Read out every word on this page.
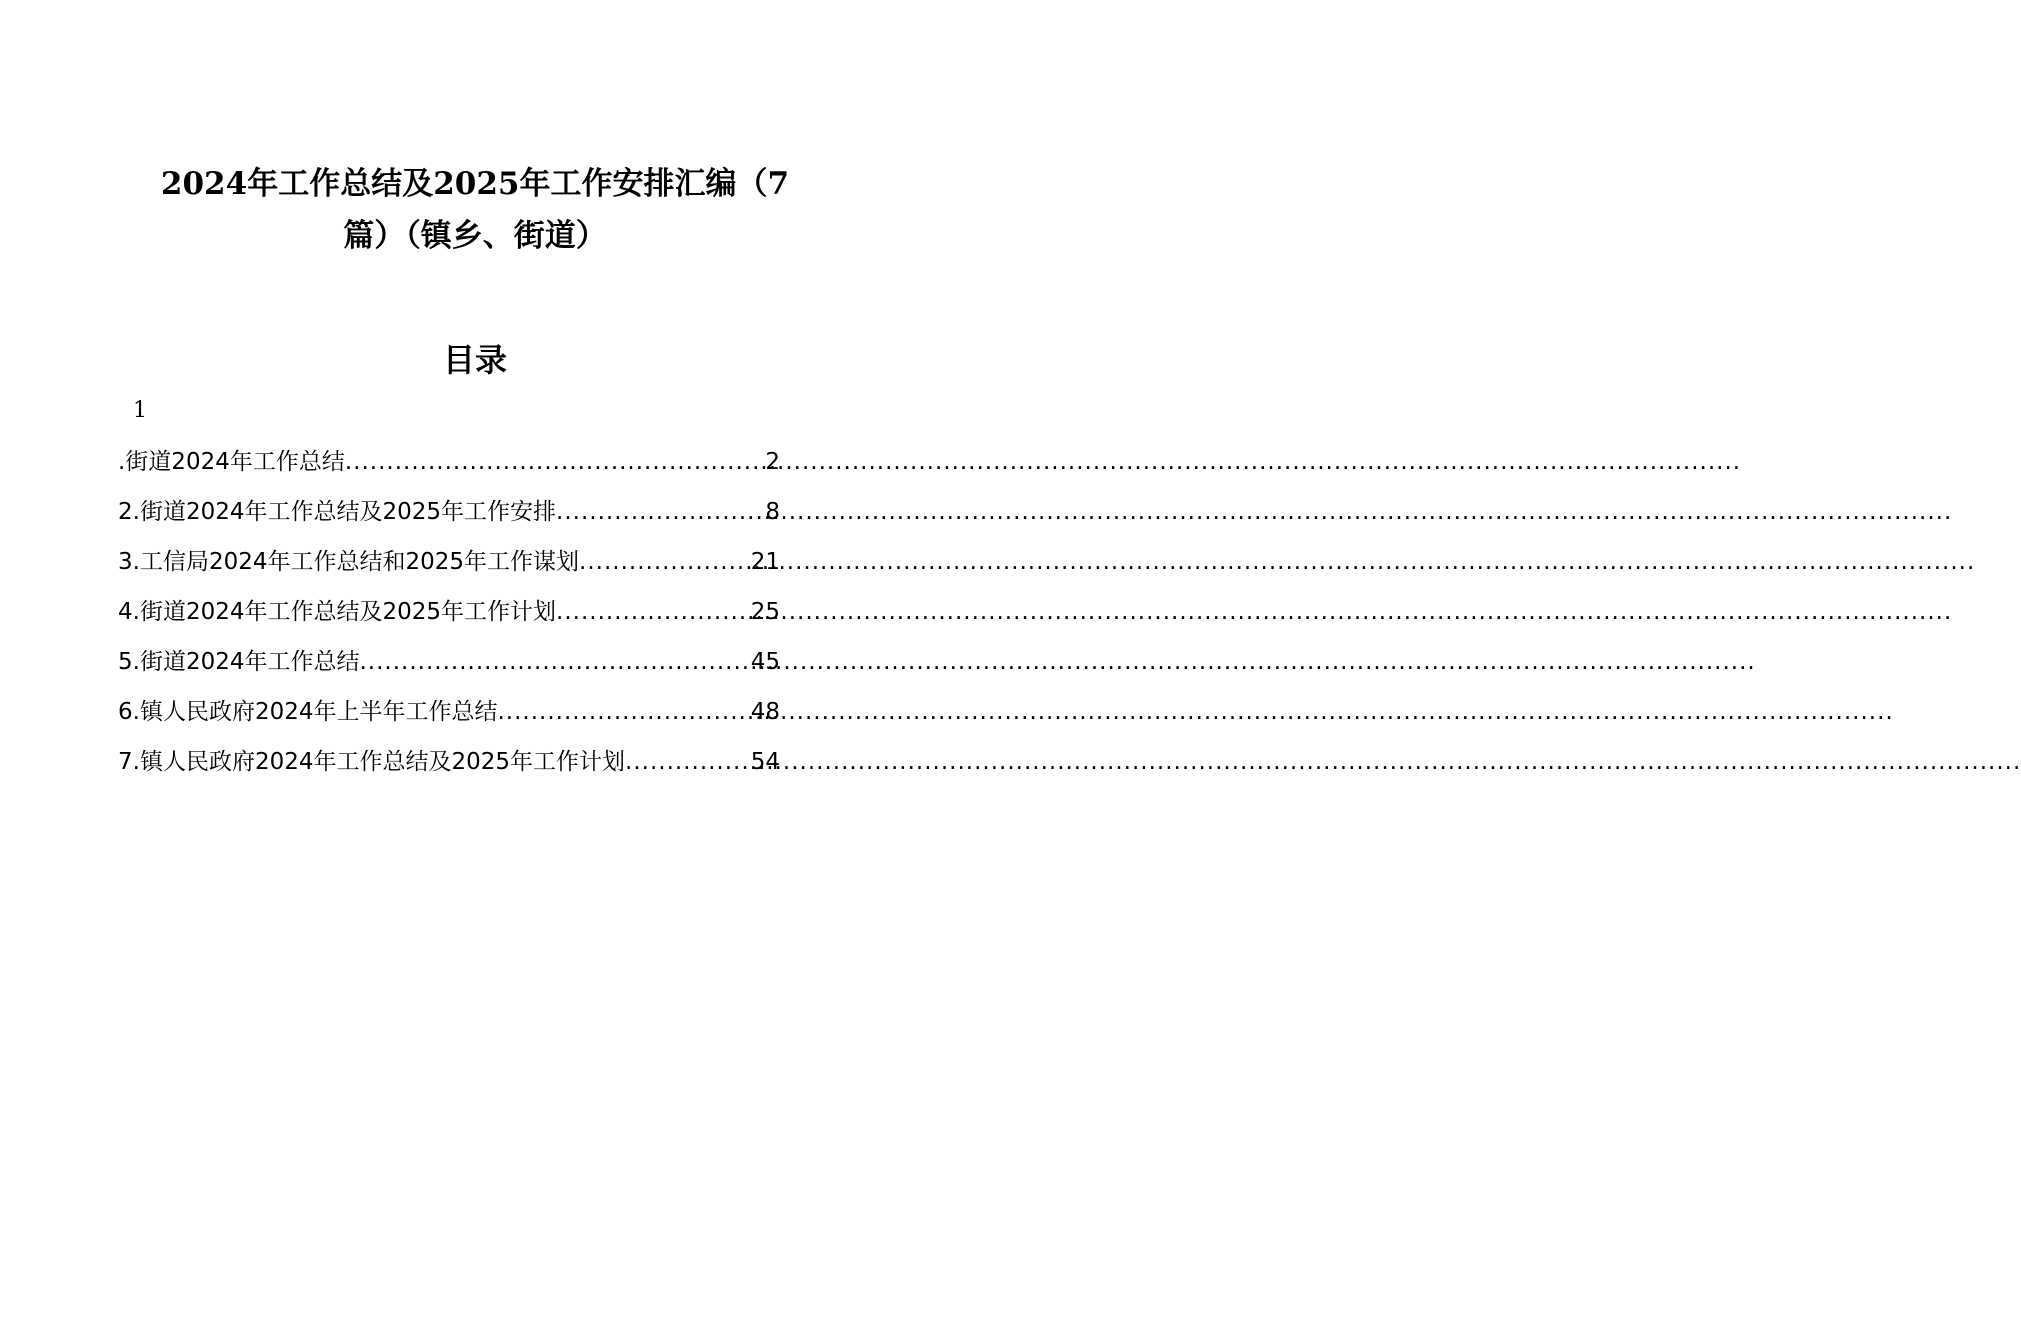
2024年工作总结及2025年工作安排汇编（7
篇）（镇乡、街道）
目录
1
.街道2024年工作总结 .....	2
2.街道2024年工作总结及2025年工作安排 .....	8
3.工信局2024年工作总结和2025年工作谋划 .....	21
4.街道2024年工作总结及2025年工作计划 .....	25
5.街道2024年工作总结 .....	45
6.镇人民政府2024年上半年工作总结 .....	48
7.镇人民政府2024年工作总结及2025年工作计划 .....	54
